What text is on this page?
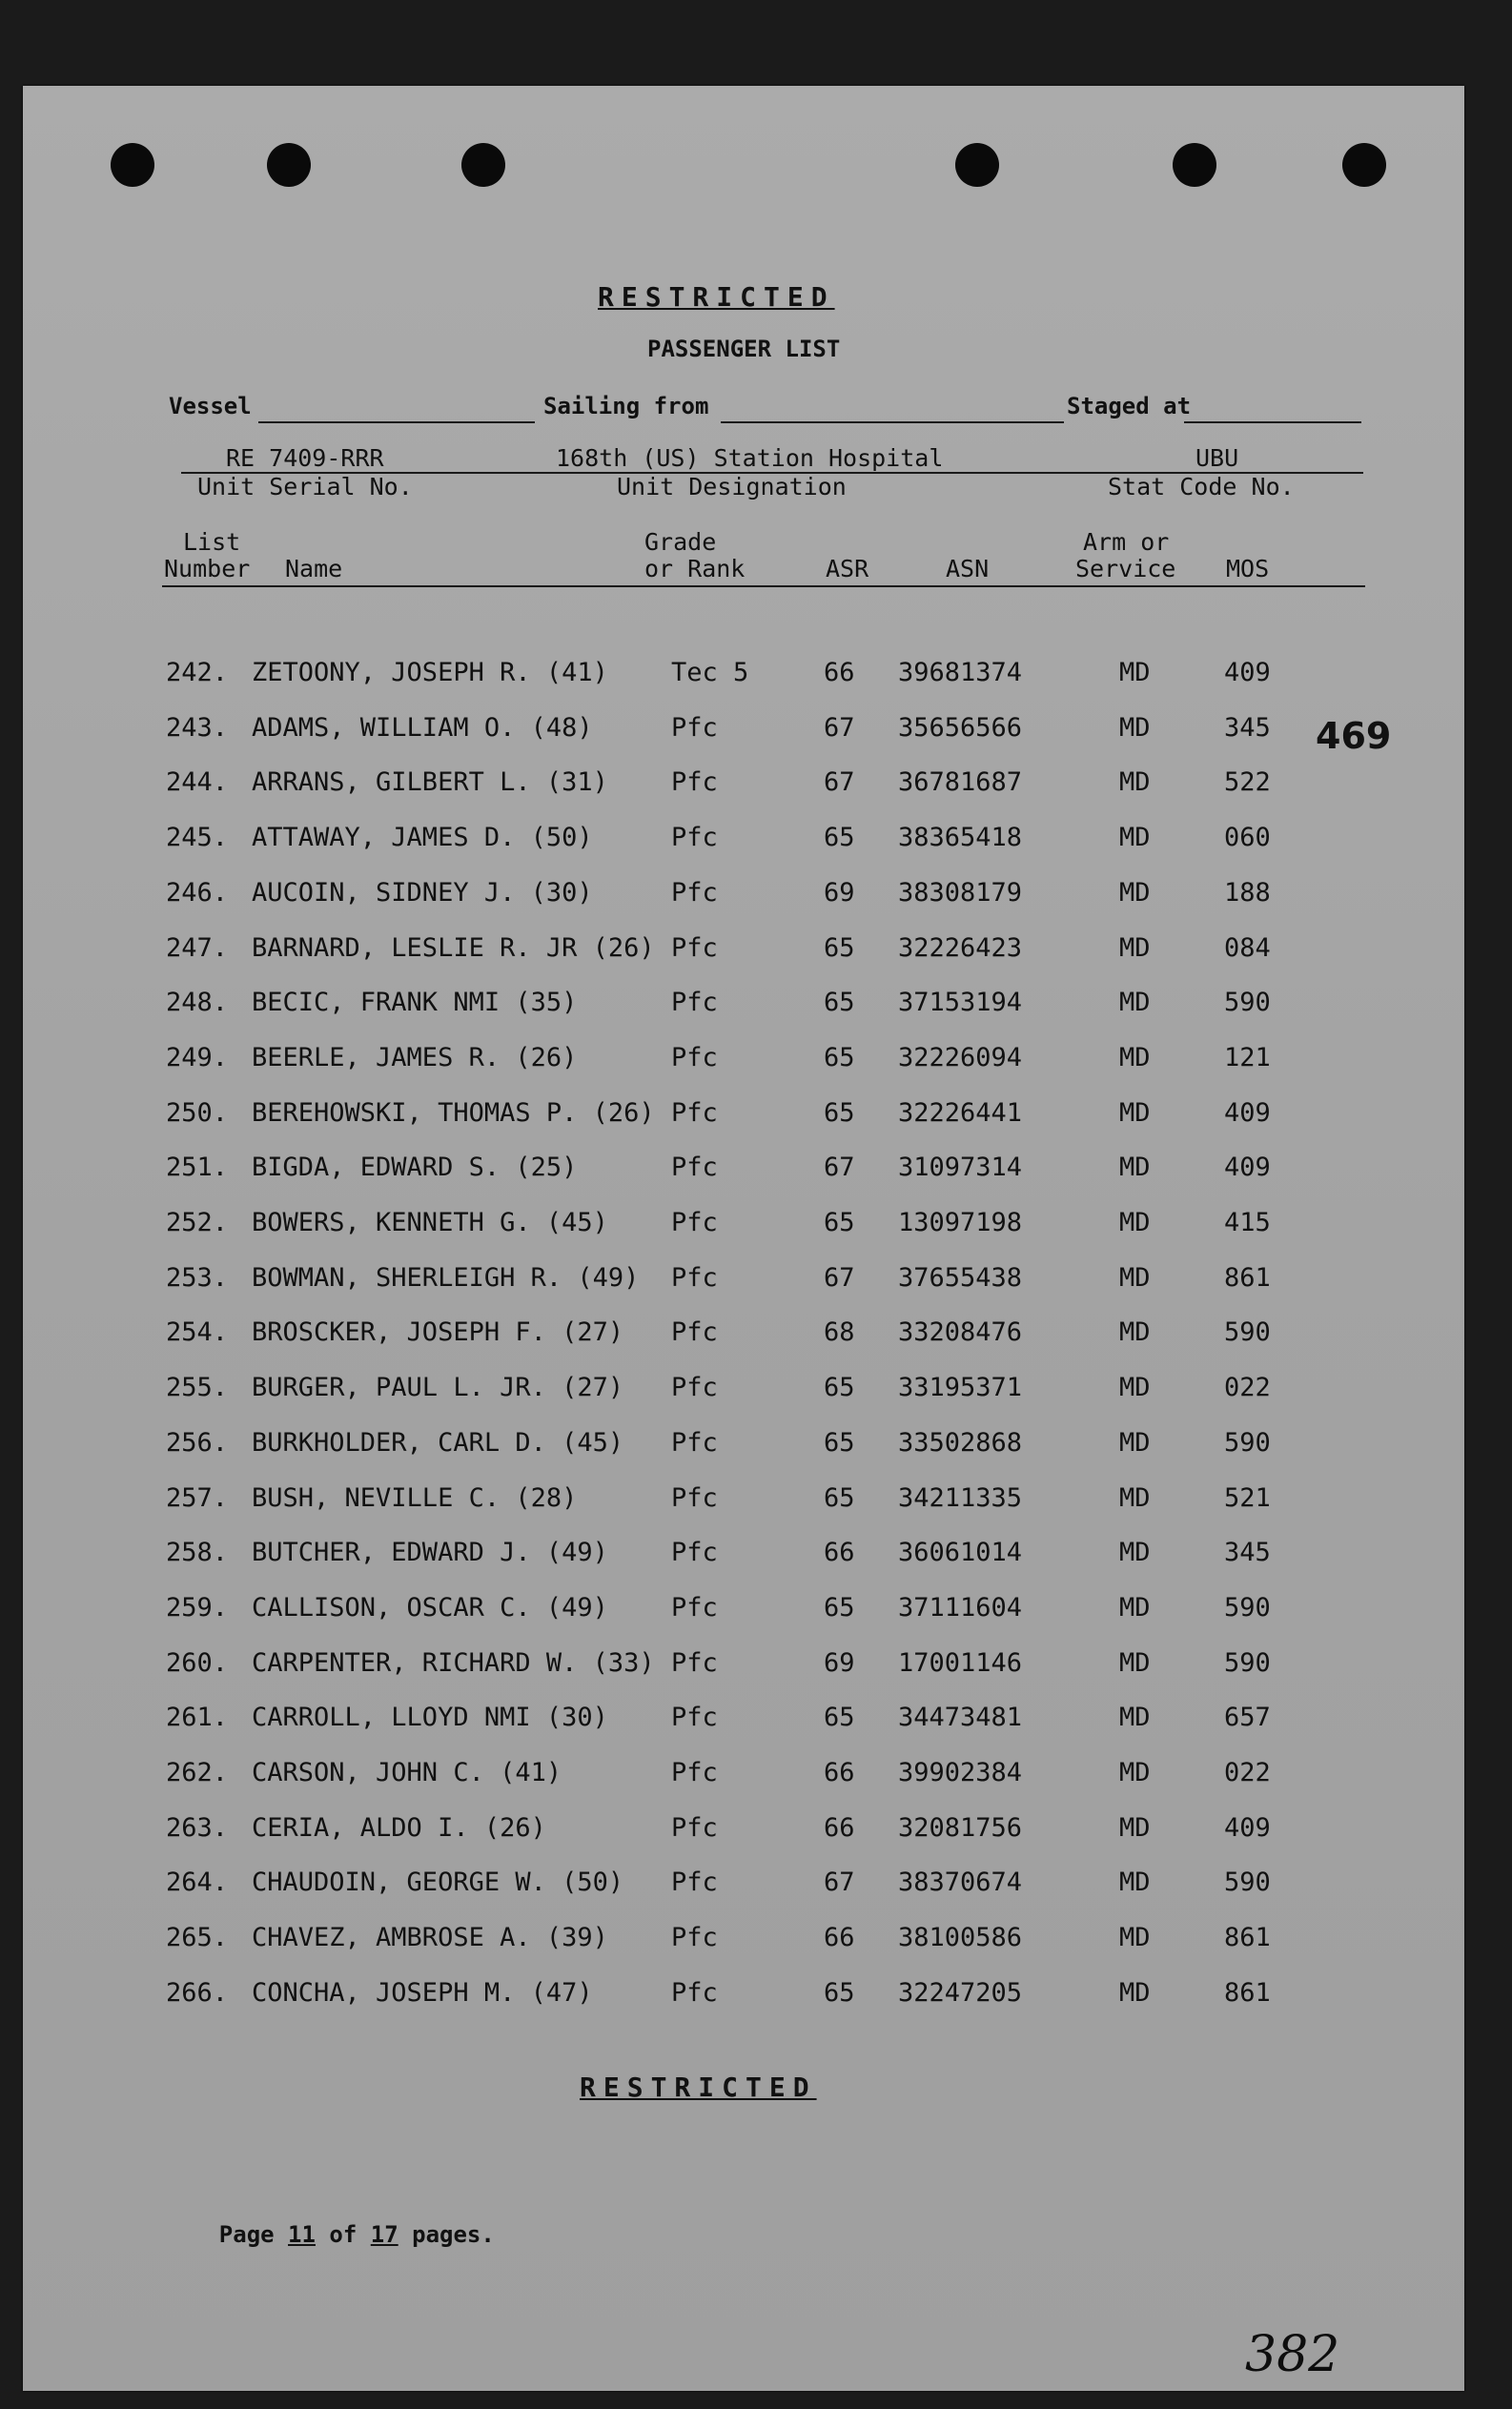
RESTRICTED
PASSENGER LIST
Vessel	Sailing from	Staged at
RE 7409-RRR	168th (US) Station Hospital	UBU
Unit Serial No.	Unit Designation	Stat Code No.
List
Number Name
Grade
or Rank	ASR	ASN
Arm or
Service MOS
242. ZETOONY, JOSEPH R. (41) Tec 5	66 39681374	MD	409
243. ADAMS, WILLIAM O. (48)	Pfc	67 35656566	MD	345
244. ARRANS, GILBERT L. (31) Pfc	67 36781687	MD	522
245. ATTAWAY, JAMES D. (50)	Pfc	65 38365418	MD	060
246. AUCOIN, SIDNEY J. (30)	Pfc	69 38308179	MD	188
247. BARNARD, LESLIE R. JR (26) Pfc	65 32226423	MD	084
248. BECIC, FRANK NMI (35)	Pfc	65 37153194	MD	590
249. BEERLE, JAMES R. (26)	Pfc	65 32226094	MD	121
250. BEREHOWSKI, THOMAS P. (26) Pfc	65 32226441	MD	409
251. BIGDA, EDWARD S. (25)	Pfc	67 31097314	MD	409
252. BOWERS, KENNETH G. (45) Pfc	65 13097198	MD	415
253. BOWMAN, SHERLEIGH R. (49) Pfc	67 37655438	MD	861
254. BROSCKER, JOSEPH F. (27) Pfc	68 33208476	MD	590
255. BURGER, PAUL L. JR. (27) Pfc	65 33195371	MD	022
256. BURKHOLDER, CARL D. (45) Pfc	65 33502868	MD	590
257. BUSH, NEVILLE C. (28)	Pfc	65 34211335	MD	521
258. BUTCHER, EDWARD J. (49) Pfc	66 36061014	MD	345
259. CALLISON, OSCAR C. (49) Pfc	65 37111604	MD	590
260. CARPENTER, RICHARD W. (33) Pfc	69 17001146	MD	590
261. CARROLL, LLOYD NMI (30) Pfc	65 34473481	MD	657
262. CARSON, JOHN C. (41)	Pfc	66 39902384	MD	022
263. CERIA, ALDO I. (26)	Pfc	66 32081756	MD	409
264. CHAUDOIN, GEORGE W. (50) Pfc	67 38370674	MD	590
265. CHAVEZ, AMBROSE A. (39) Pfc	66 38100586	MD	861
266. CONCHA, JOSEPH M. (47)	Pfc	65 32247205	MD	861
469
RESTRICTED

Page 11 of 17 pages.

382
